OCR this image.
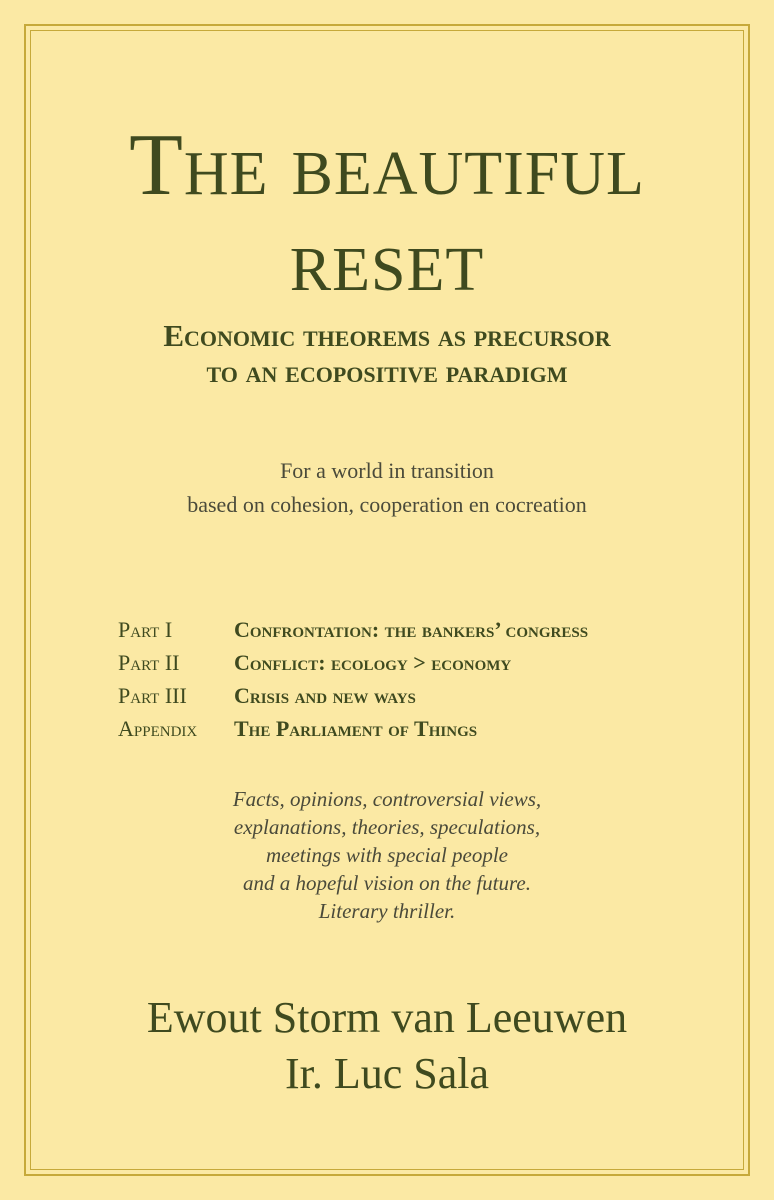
The beautiful
reset
Economic theorems as precursor
to an ecopositive paradigm
For a world in transition
based on cohesion, cooperation en cocreation
Part I	Confrontation: the bankers’ congress
Part II	Conflict: ecology > economy
Part III	Crisis and new ways
Appendix	The Parliament of Things
Facts, opinions, controversial views,
explanations, theories, speculations,
meetings with special people
and a hopeful vision on the future.
Literary thriller.
Ewout Storm van Leeuwen
Ir. Luc Sala
